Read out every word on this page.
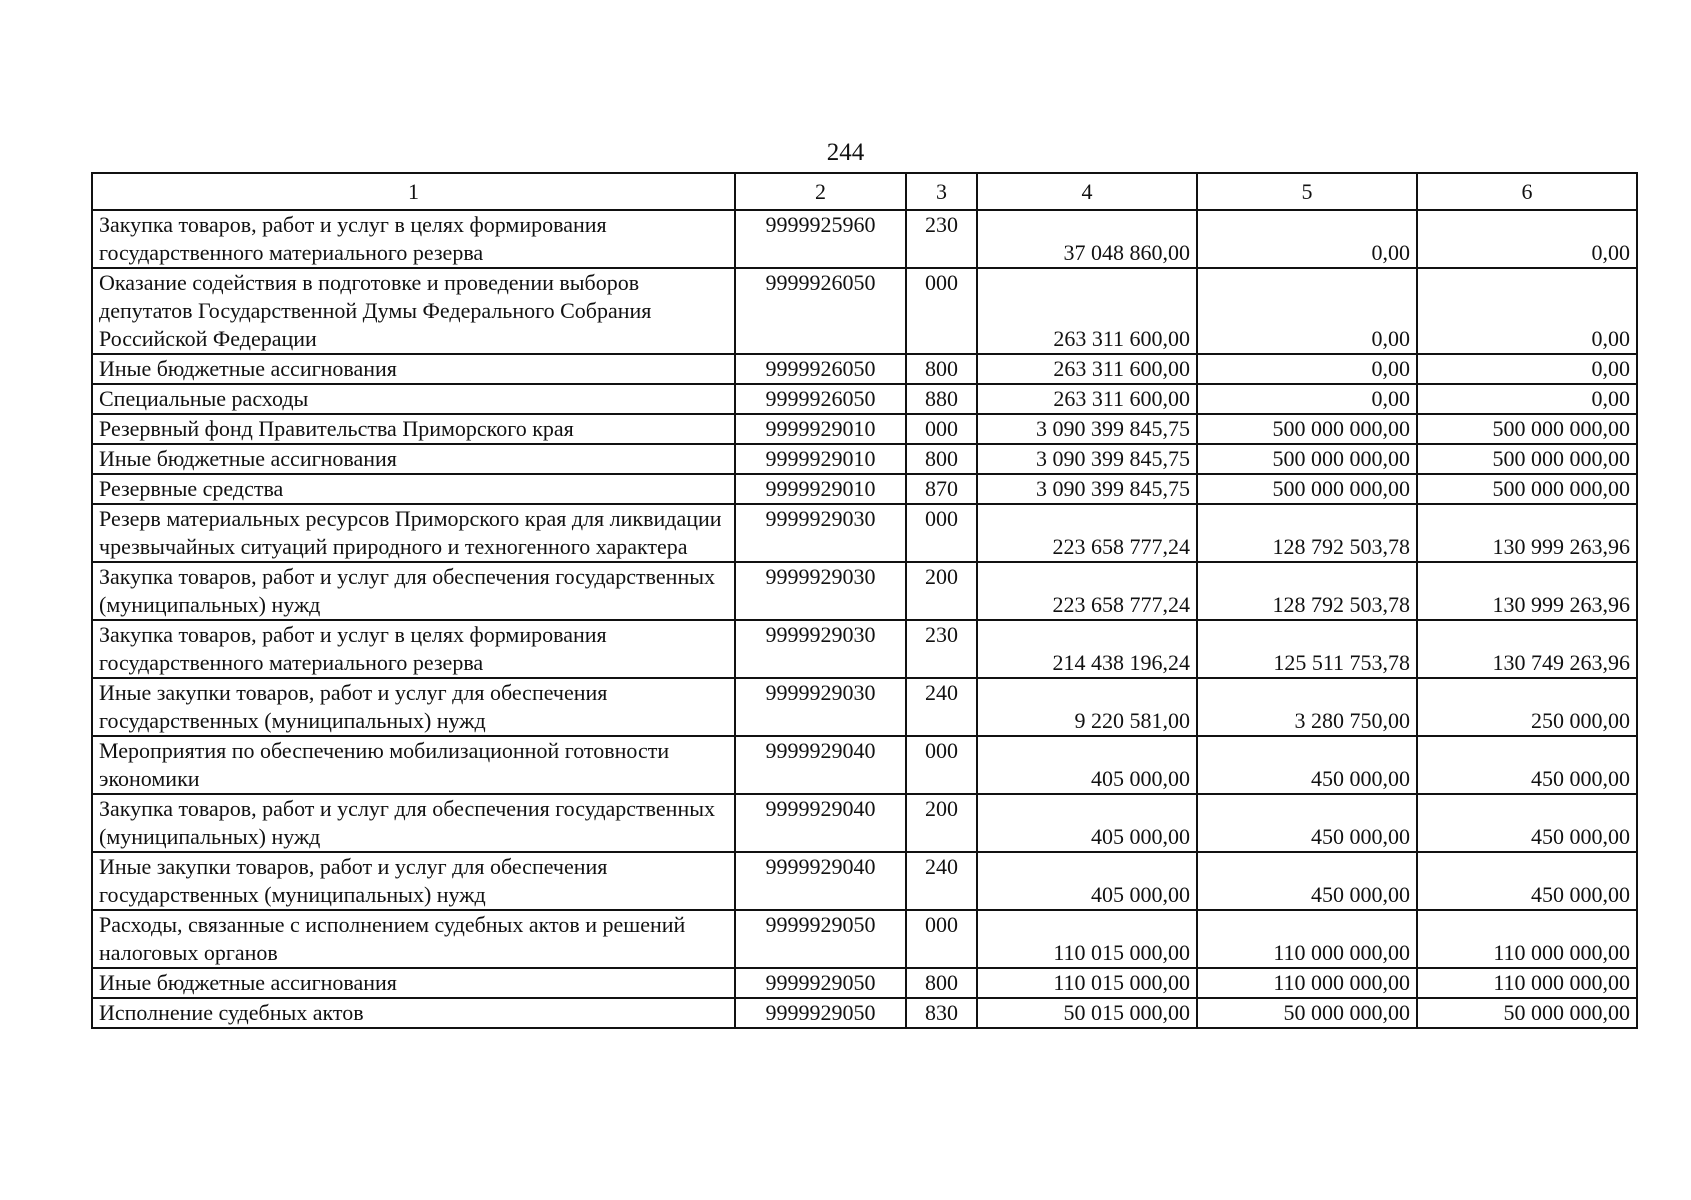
244
1	2	3	4	5	6
Закупка товаров, работ и услуг в целях формирования государственного материального резерва	9999925960	230	37 048 860,00	0,00	0,00
Оказание содействия в подготовке и проведении выборов депутатов Государственной Думы Федерального Собрания Российской Федерации	9999926050	000	263 311 600,00	0,00	0,00
Иные бюджетные ассигнования	9999926050	800	263 311 600,00	0,00	0,00
Специальные расходы	9999926050	880	263 311 600,00	0,00	0,00
Резервный фонд Правительства Приморского края	9999929010	000	3 090 399 845,75	500 000 000,00	500 000 000,00
Иные бюджетные ассигнования	9999929010	800	3 090 399 845,75	500 000 000,00	500 000 000,00
Резервные средства	9999929010	870	3 090 399 845,75	500 000 000,00	500 000 000,00
Резерв материальных ресурсов Приморского края для ликвидации чрезвычайных ситуаций природного и техногенного характера	9999929030	000	223 658 777,24	128 792 503,78	130 999 263,96
Закупка товаров, работ и услуг для обеспечения государственных (муниципальных) нужд	9999929030	200	223 658 777,24	128 792 503,78	130 999 263,96
Закупка товаров, работ и услуг в целях формирования государственного материального резерва	9999929030	230	214 438 196,24	125 511 753,78	130 749 263,96
Иные закупки товаров, работ и услуг для обеспечения государственных (муниципальных) нужд	9999929030	240	9 220 581,00	3 280 750,00	250 000,00
Мероприятия по обеспечению мобилизационной готовности экономики	9999929040	000	405 000,00	450 000,00	450 000,00
Закупка товаров, работ и услуг для обеспечения государственных (муниципальных) нужд	9999929040	200	405 000,00	450 000,00	450 000,00
Иные закупки товаров, работ и услуг для обеспечения государственных (муниципальных) нужд	9999929040	240	405 000,00	450 000,00	450 000,00
Расходы, связанные с исполнением судебных актов и решений налоговых органов	9999929050	000	110 015 000,00	110 000 000,00	110 000 000,00
Иные бюджетные ассигнования	9999929050	800	110 015 000,00	110 000 000,00	110 000 000,00
Исполнение судебных актов	9999929050	830	50 015 000,00	50 000 000,00	50 000 000,00
